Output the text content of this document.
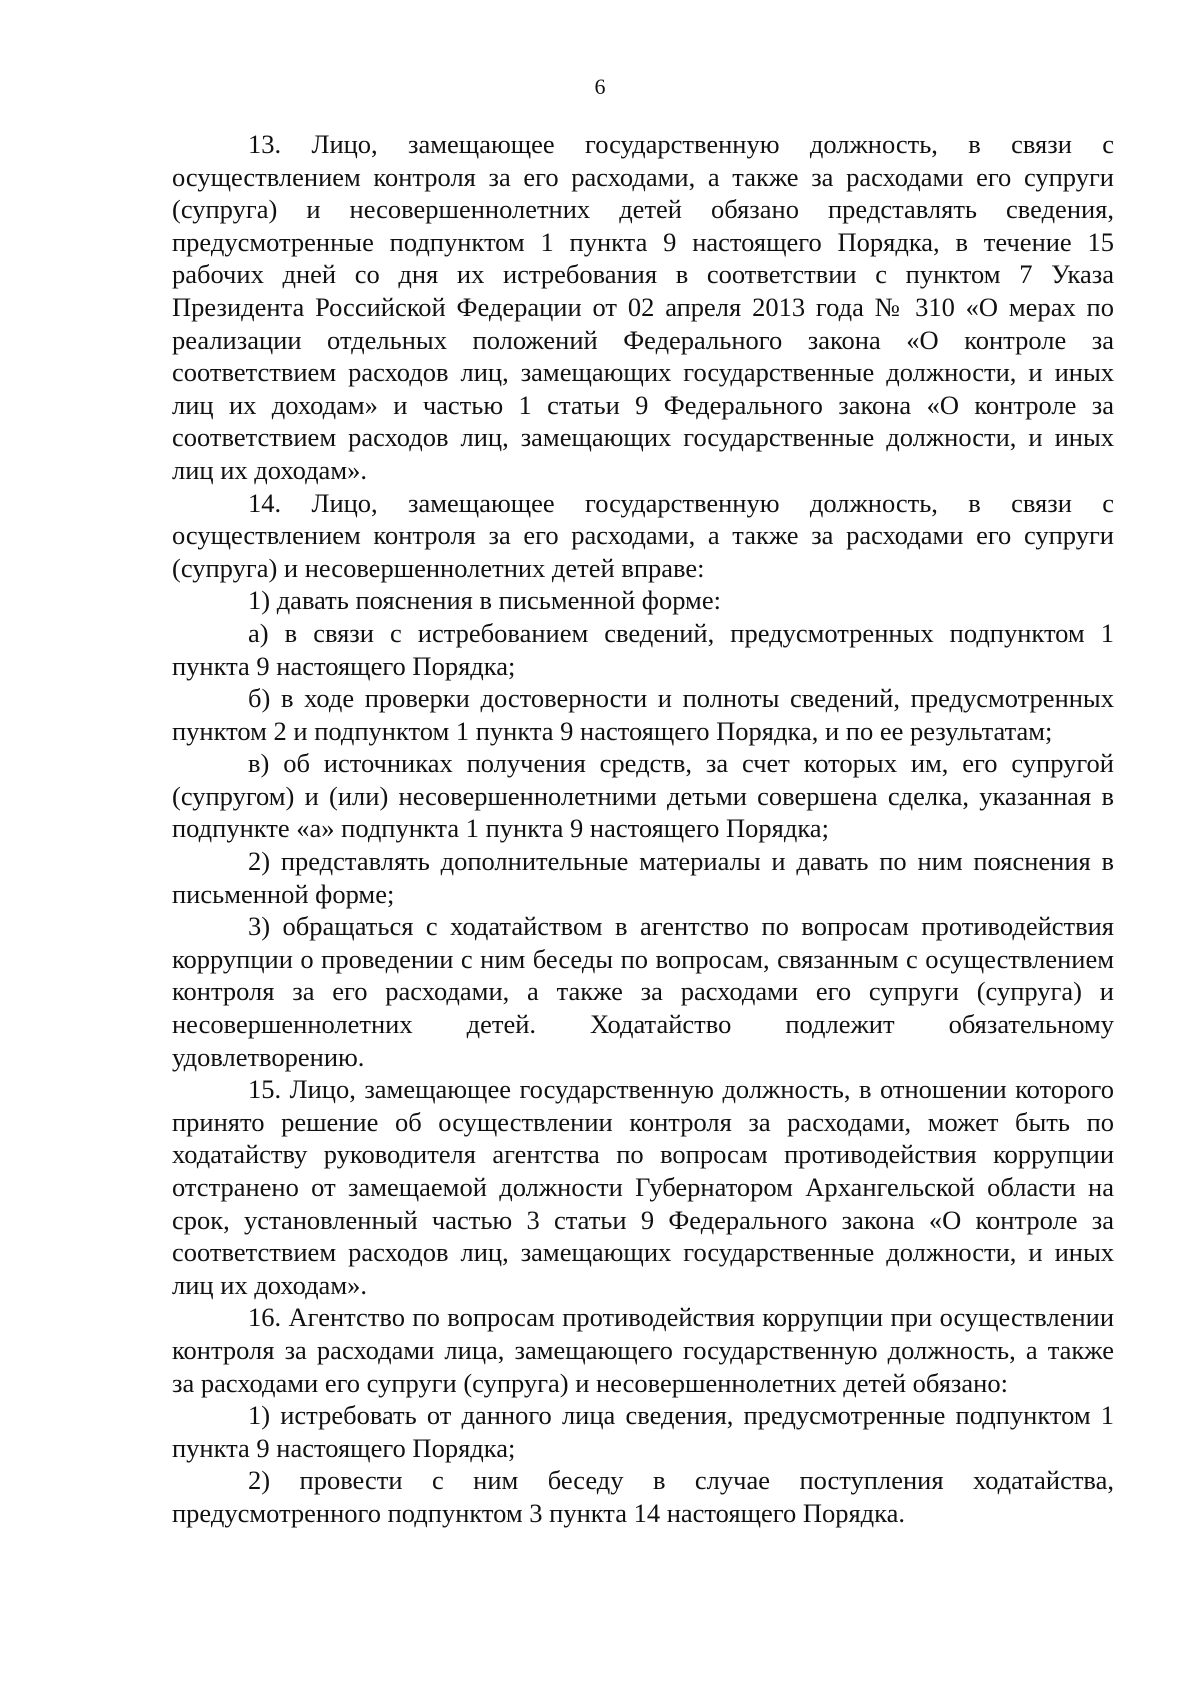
6

13. Лицо, замещающее государственную должность, в связи с осуществлением контроля за его расходами, а также за расходами его супруги (супруга) и несовершеннолетних детей обязано представлять сведения, предусмотренные подпунктом 1 пункта 9 настоящего Порядка, в течение 15 рабочих дней со дня их истребования в соответствии с пунктом 7 Указа Президента Российской Федерации от 02 апреля 2013 года № 310 «О мерах по реализации отдельных положений Федерального закона «О контроле за соответствием расходов лиц, замещающих государственные должности, и иных лиц их доходам» и частью 1 статьи 9 Федерального закона «О контроле за соответствием расходов лиц, замещающих государственные должности, и иных лиц их доходам».

14. Лицо, замещающее государственную должность, в связи с осуществлением контроля за его расходами, а также за расходами его супруги (супруга) и несовершеннолетних детей вправе:

1) давать пояснения в письменной форме:

а) в связи с истребованием сведений, предусмотренных подпунктом 1 пункта 9 настоящего Порядка;

б) в ходе проверки достоверности и полноты сведений, предусмотренных пунктом 2 и подпунктом 1 пункта 9 настоящего Порядка, и по ее результатам;

в) об источниках получения средств, за счет которых им, его супругой (супругом) и (или) несовершеннолетними детьми совершена сделка, указанная в подпункте «а» подпункта 1 пункта 9 настоящего Порядка;

2) представлять дополнительные материалы и давать по ним пояснения в письменной форме;

3) обращаться с ходатайством в агентство по вопросам противодействия коррупции о проведении с ним беседы по вопросам, связанным с осуществлением контроля за его расходами, а также за расходами его супруги (супруга) и несовершеннолетних детей. Ходатайство подлежит обязательному удовлетворению.

15. Лицо, замещающее государственную должность, в отношении которого принято решение об осуществлении контроля за расходами, может быть по ходатайству руководителя агентства по вопросам противодействия коррупции отстранено от замещаемой должности Губернатором Архангельской области на срок, установленный частью 3 статьи 9 Федерального закона «О контроле за соответствием расходов лиц, замещающих государственные должности, и иных лиц их доходам».

16. Агентство по вопросам противодействия коррупции при осуществлении контроля за расходами лица, замещающего государственную должность, а также за расходами его супруги (супруга) и несовершеннолетних детей обязано:

1) истребовать от данного лица сведения, предусмотренные подпунктом 1 пункта 9 настоящего Порядка;

2) провести с ним беседу в случае поступления ходатайства, предусмотренного подпунктом 3 пункта 14 настоящего Порядка.
